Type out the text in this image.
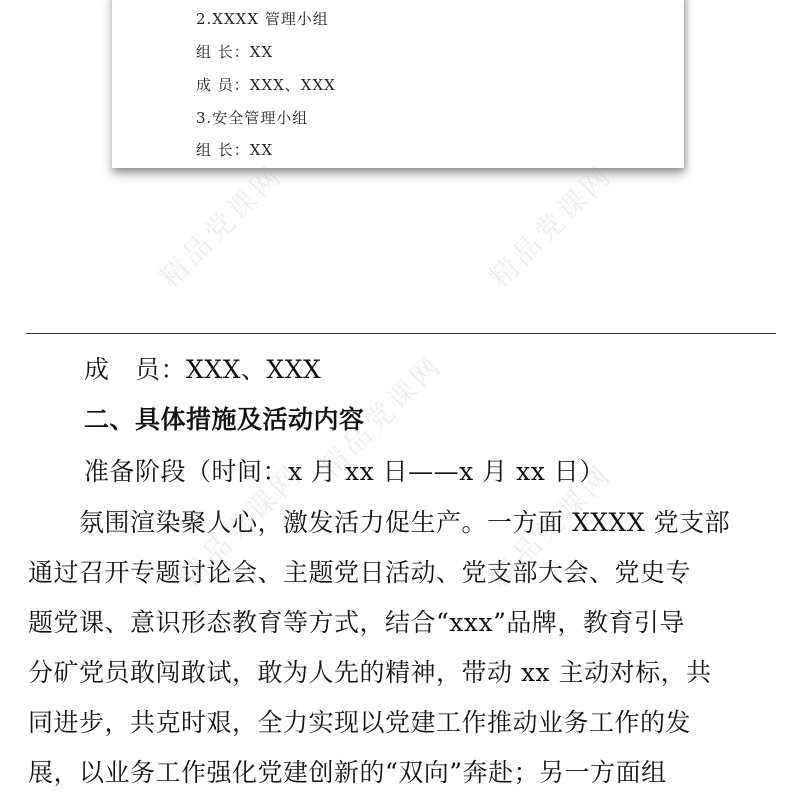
2.XXXX 管理小组
组 长：XX
成 员：XXX、XXX
3.安全管理小组
组 长：XX
成　员：XXX、XXX
二、具体措施及活动内容
准备阶段（时间：x 月 xx 日——x 月 xx 日）
　　氛围渲染聚人心，激发活力促生产。一方面 XXXX 党支部
通过召开专题讨论会、主题党日活动、党支部大会、党史专
题党课、意识形态教育等方式，结合“xxx”品牌，教育引导
分矿党员敢闯敢试，敢为人先的精神，带动 xx 主动对标，共
同进步，共克时艰，全力实现以党建工作推动业务工作的发
展，以业务工作强化党建创新的“双向”奔赴；另一方面组
精品党课网
精品党课网
精品党课网
